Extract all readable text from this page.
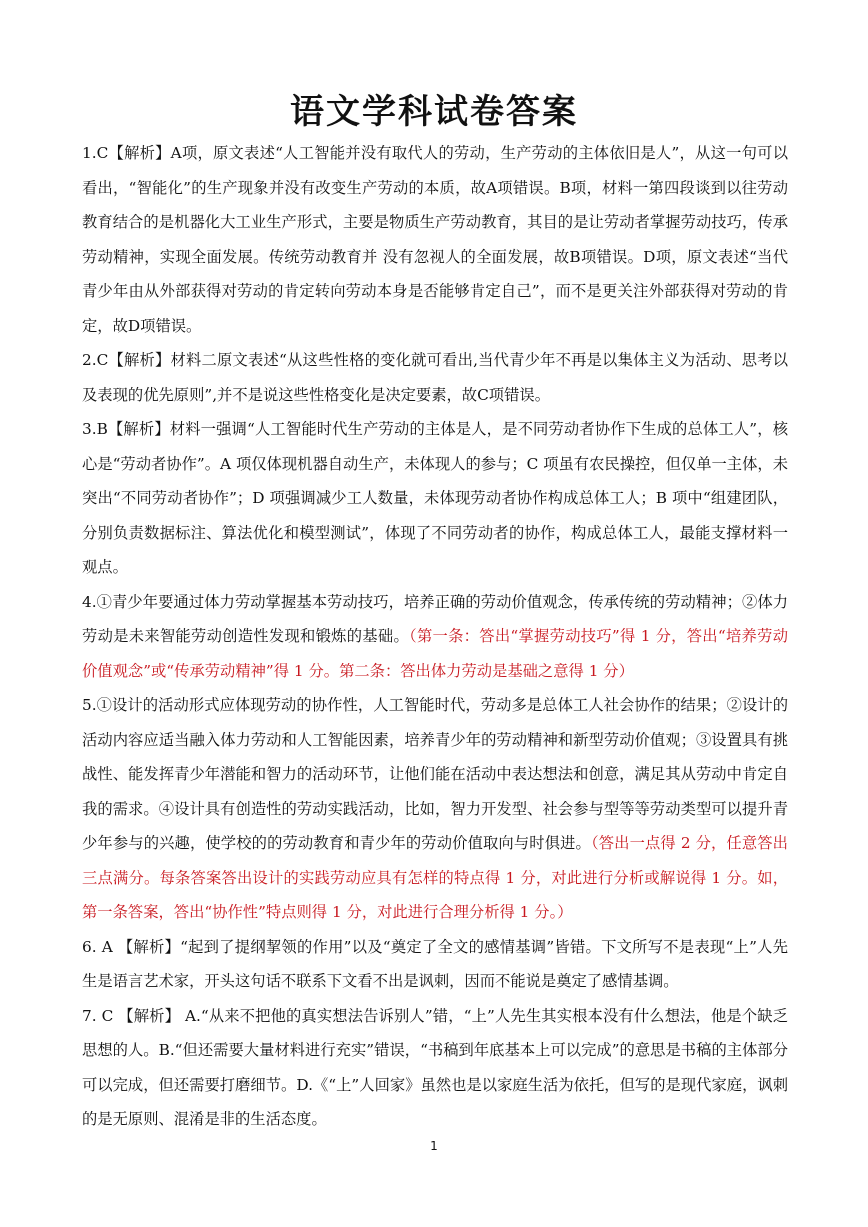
语文学科试卷答案

1.C【解析】A项，原文表述“人工智能并没有取代人的劳动，生产劳动的主体依旧是人”，从这一句可以看出，“智能化”的生产现象并没有改变生产劳动的本质，故A项错误。B项，材料一第四段谈到以往劳动教育结合的是机器化大工业生产形式，主要是物质生产劳动教育，其目的是让劳动者掌握劳动技巧，传承劳动精神，实现全面发展。传统劳动教育并 没有忽视人的全面发展，故B项错误。D项，原文表述“当代青少年由从外部获得对劳动的肯定转向劳动本身是否能够肯定自己”，而不是更关注外部获得对劳动的肯定，故D项错误。

2.C【解析】材料二原文表述“从这些性格的变化就可看出,当代青少年不再是以集体主义为活动、思考以及表现的优先原则”,并不是说这些性格变化是决定要素，故C项错误。

3.B【解析】材料一强调“人工智能时代生产劳动的主体是人，是不同劳动者协作下生成的总体工人”，核心是“劳动者协作”。A 项仅体现机器自动生产，未体现人的参与；C 项虽有农民操控，但仅单一主体，未突出“不同劳动者协作”；D 项强调减少工人数量，未体现劳动者协作构成总体工人；B 项中“组建团队，分别负责数据标注、算法优化和模型测试”，体现了不同劳动者的协作，构成总体工人，最能支撑材料一观点。

4.①青少年要通过体力劳动掌握基本劳动技巧，培养正确的劳动价值观念，传承传统的劳动精神；②体力劳动是未来智能劳动创造性发现和锻炼的基础。（第一条：答出“掌握劳动技巧”得 1 分，答出“培养劳动价值观念”或“传承劳动精神”得 1 分。第二条：答出体力劳动是基础之意得 1 分）

5.①设计的活动形式应体现劳动的协作性，人工智能时代，劳动多是总体工人社会协作的结果；②设计的活动内容应适当融入体力劳动和人工智能因素，培养青少年的劳动精神和新型劳动价值观；③设置具有挑战性、能发挥青少年潜能和智力的活动环节，让他们能在活动中表达想法和创意，满足其从劳动中肯定自我的需求。④设计具有创造性的劳动实践活动，比如，智力开发型、社会参与型等等劳动类型可以提升青少年参与的兴趣，使学校的的劳动教育和青少年的劳动价值取向与时俱进。（答出一点得 2 分，任意答出三点满分。每条答案答出设计的实践劳动应具有怎样的特点得 1 分，对此进行分析或解说得 1 分。如，第一条答案，答出“协作性”特点则得 1 分，对此进行合理分析得 1 分。）

6. A 【解析】“起到了提纲挈领的作用”以及“奠定了全文的感情基调”皆错。下文所写不是表现“上”人先生是语言艺术家，开头这句话不联系下文看不出是讽刺，因而不能说是奠定了感情基调。

7. C 【解析】 A.“从来不把他的真实想法告诉别人”错，“上”人先生其实根本没有什么想法，他是个缺乏思想的人。B.“但还需要大量材料进行充实”错误，“书稿到年底基本上可以完成”的意思是书稿的主体部分可以完成，但还需要打磨细节。D.《“上”人回家》虽然也是以家庭生活为依托，但写的是现代家庭，讽刺的是无原则、混淆是非的生活态度。

1
